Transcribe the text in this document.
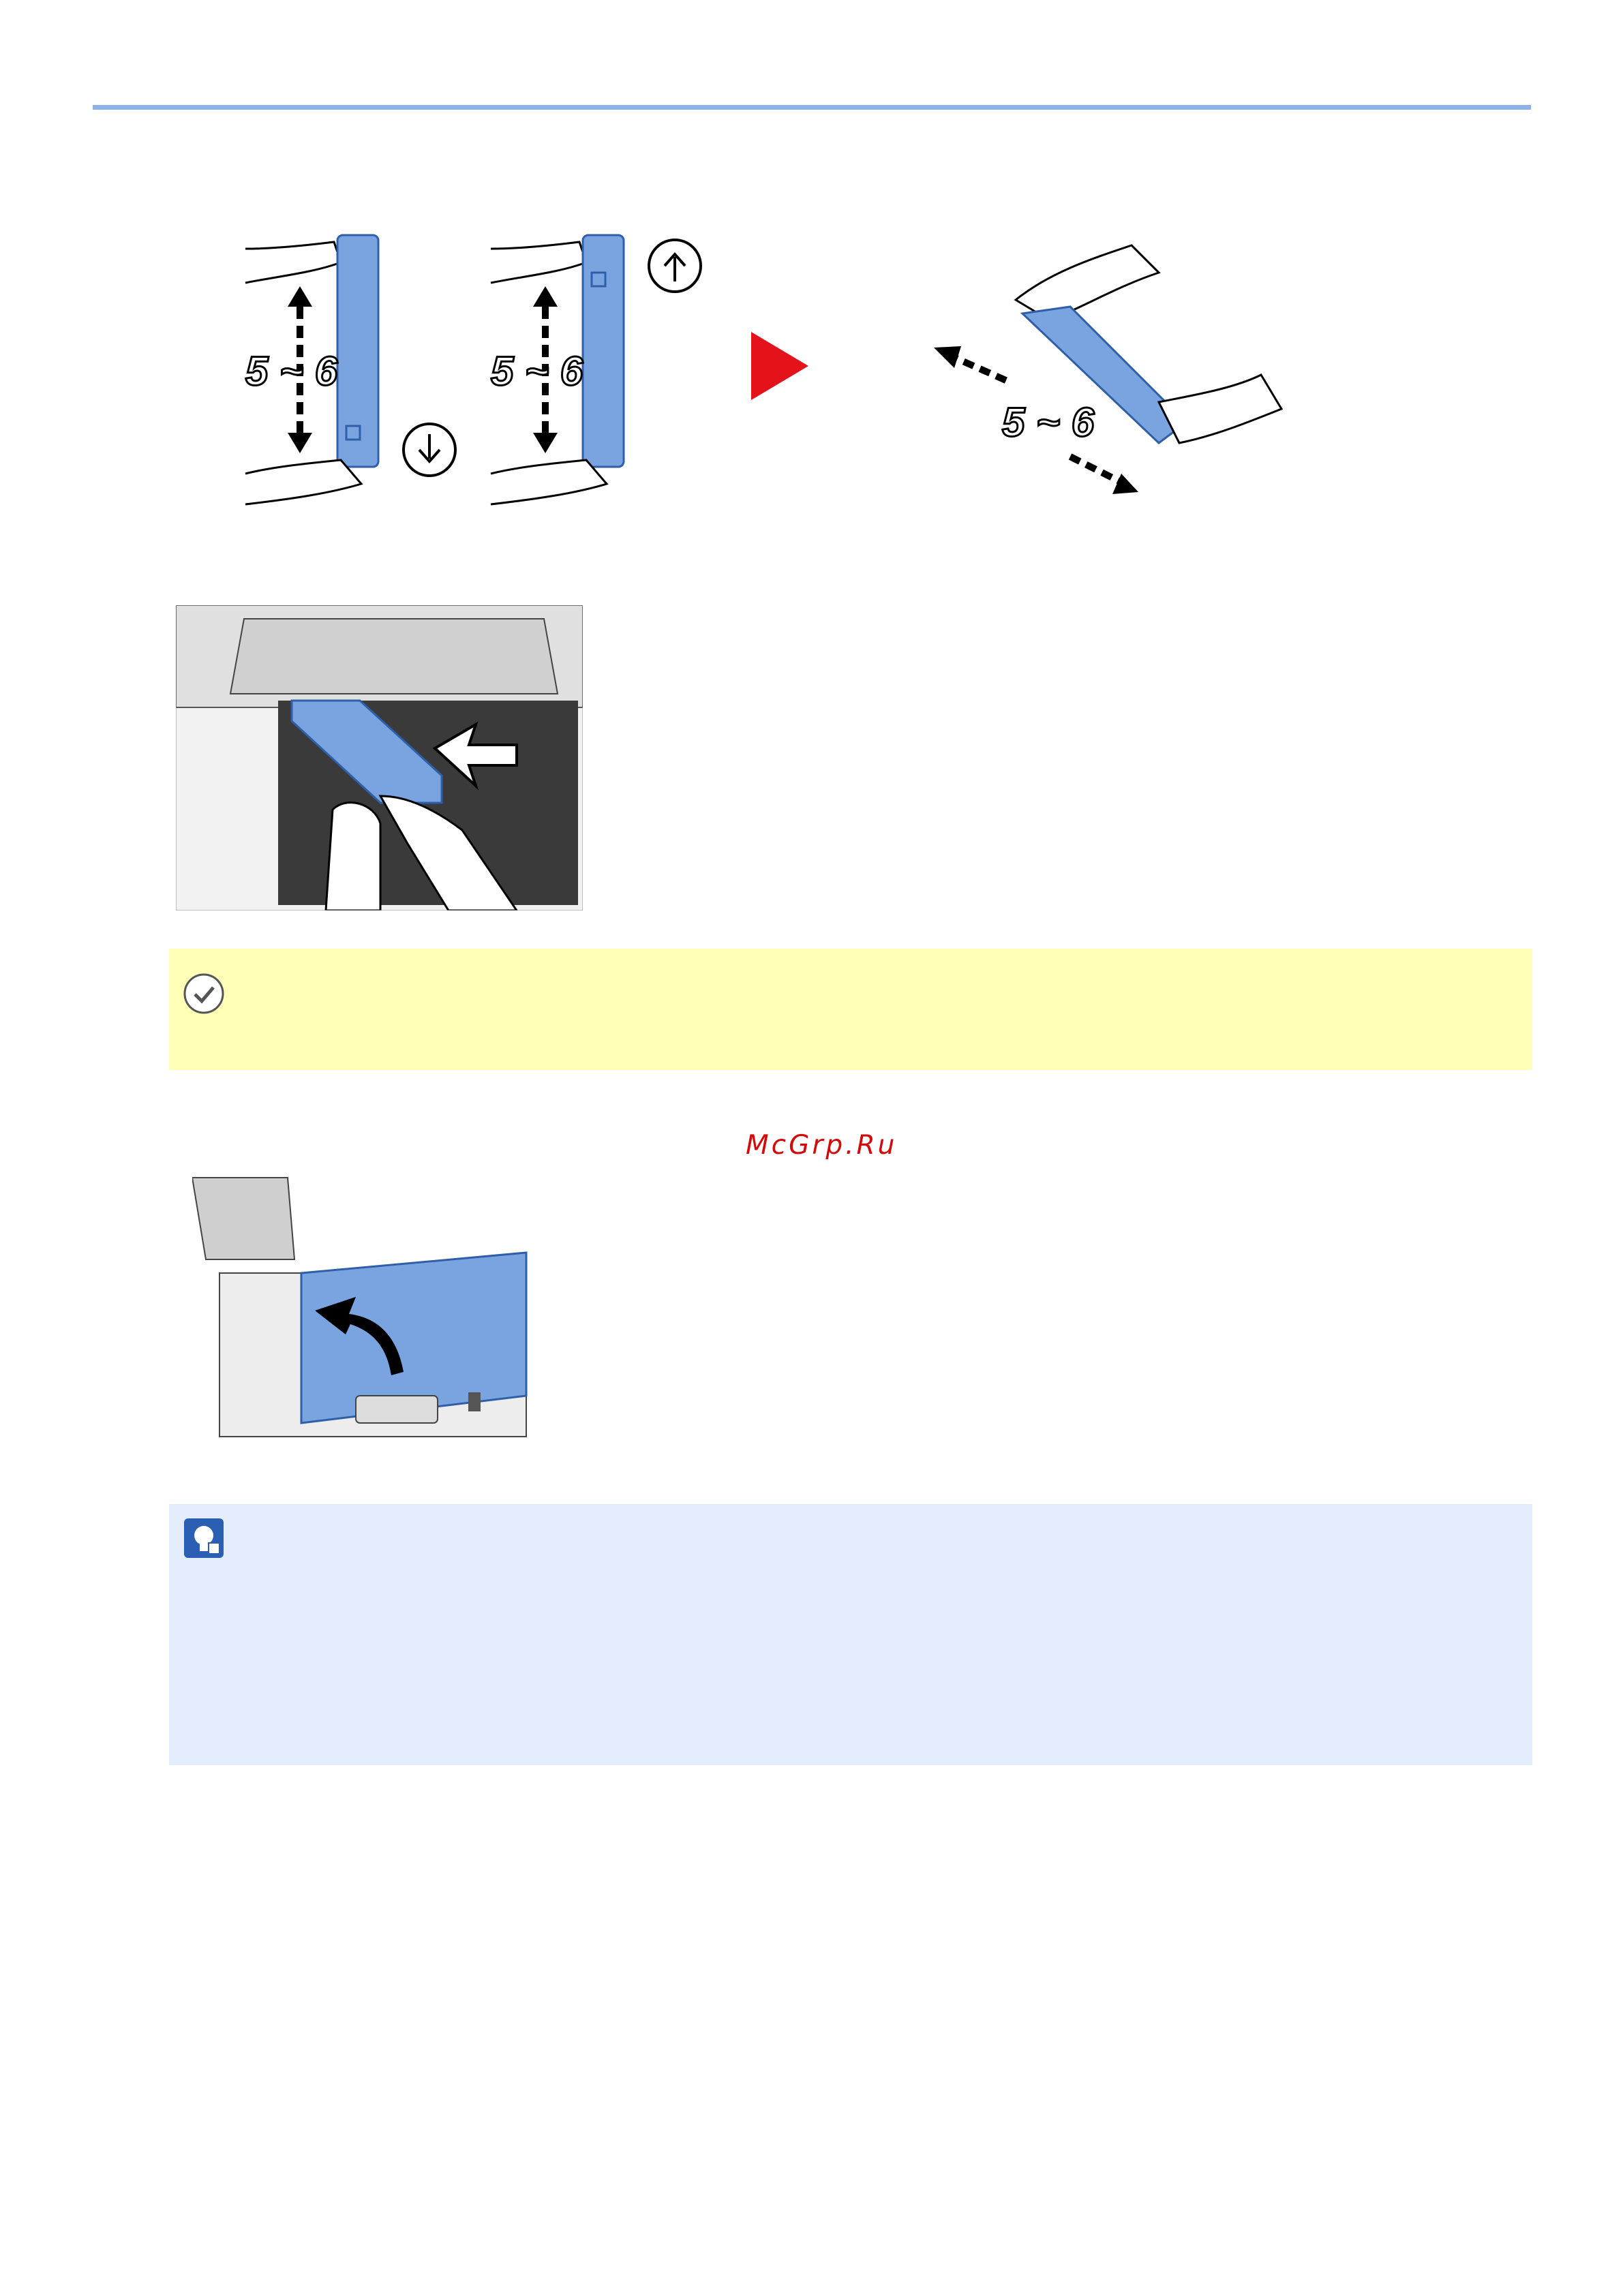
5 ~ 6	5 ~ 6
5 ~ 6
McGrp.Ru
